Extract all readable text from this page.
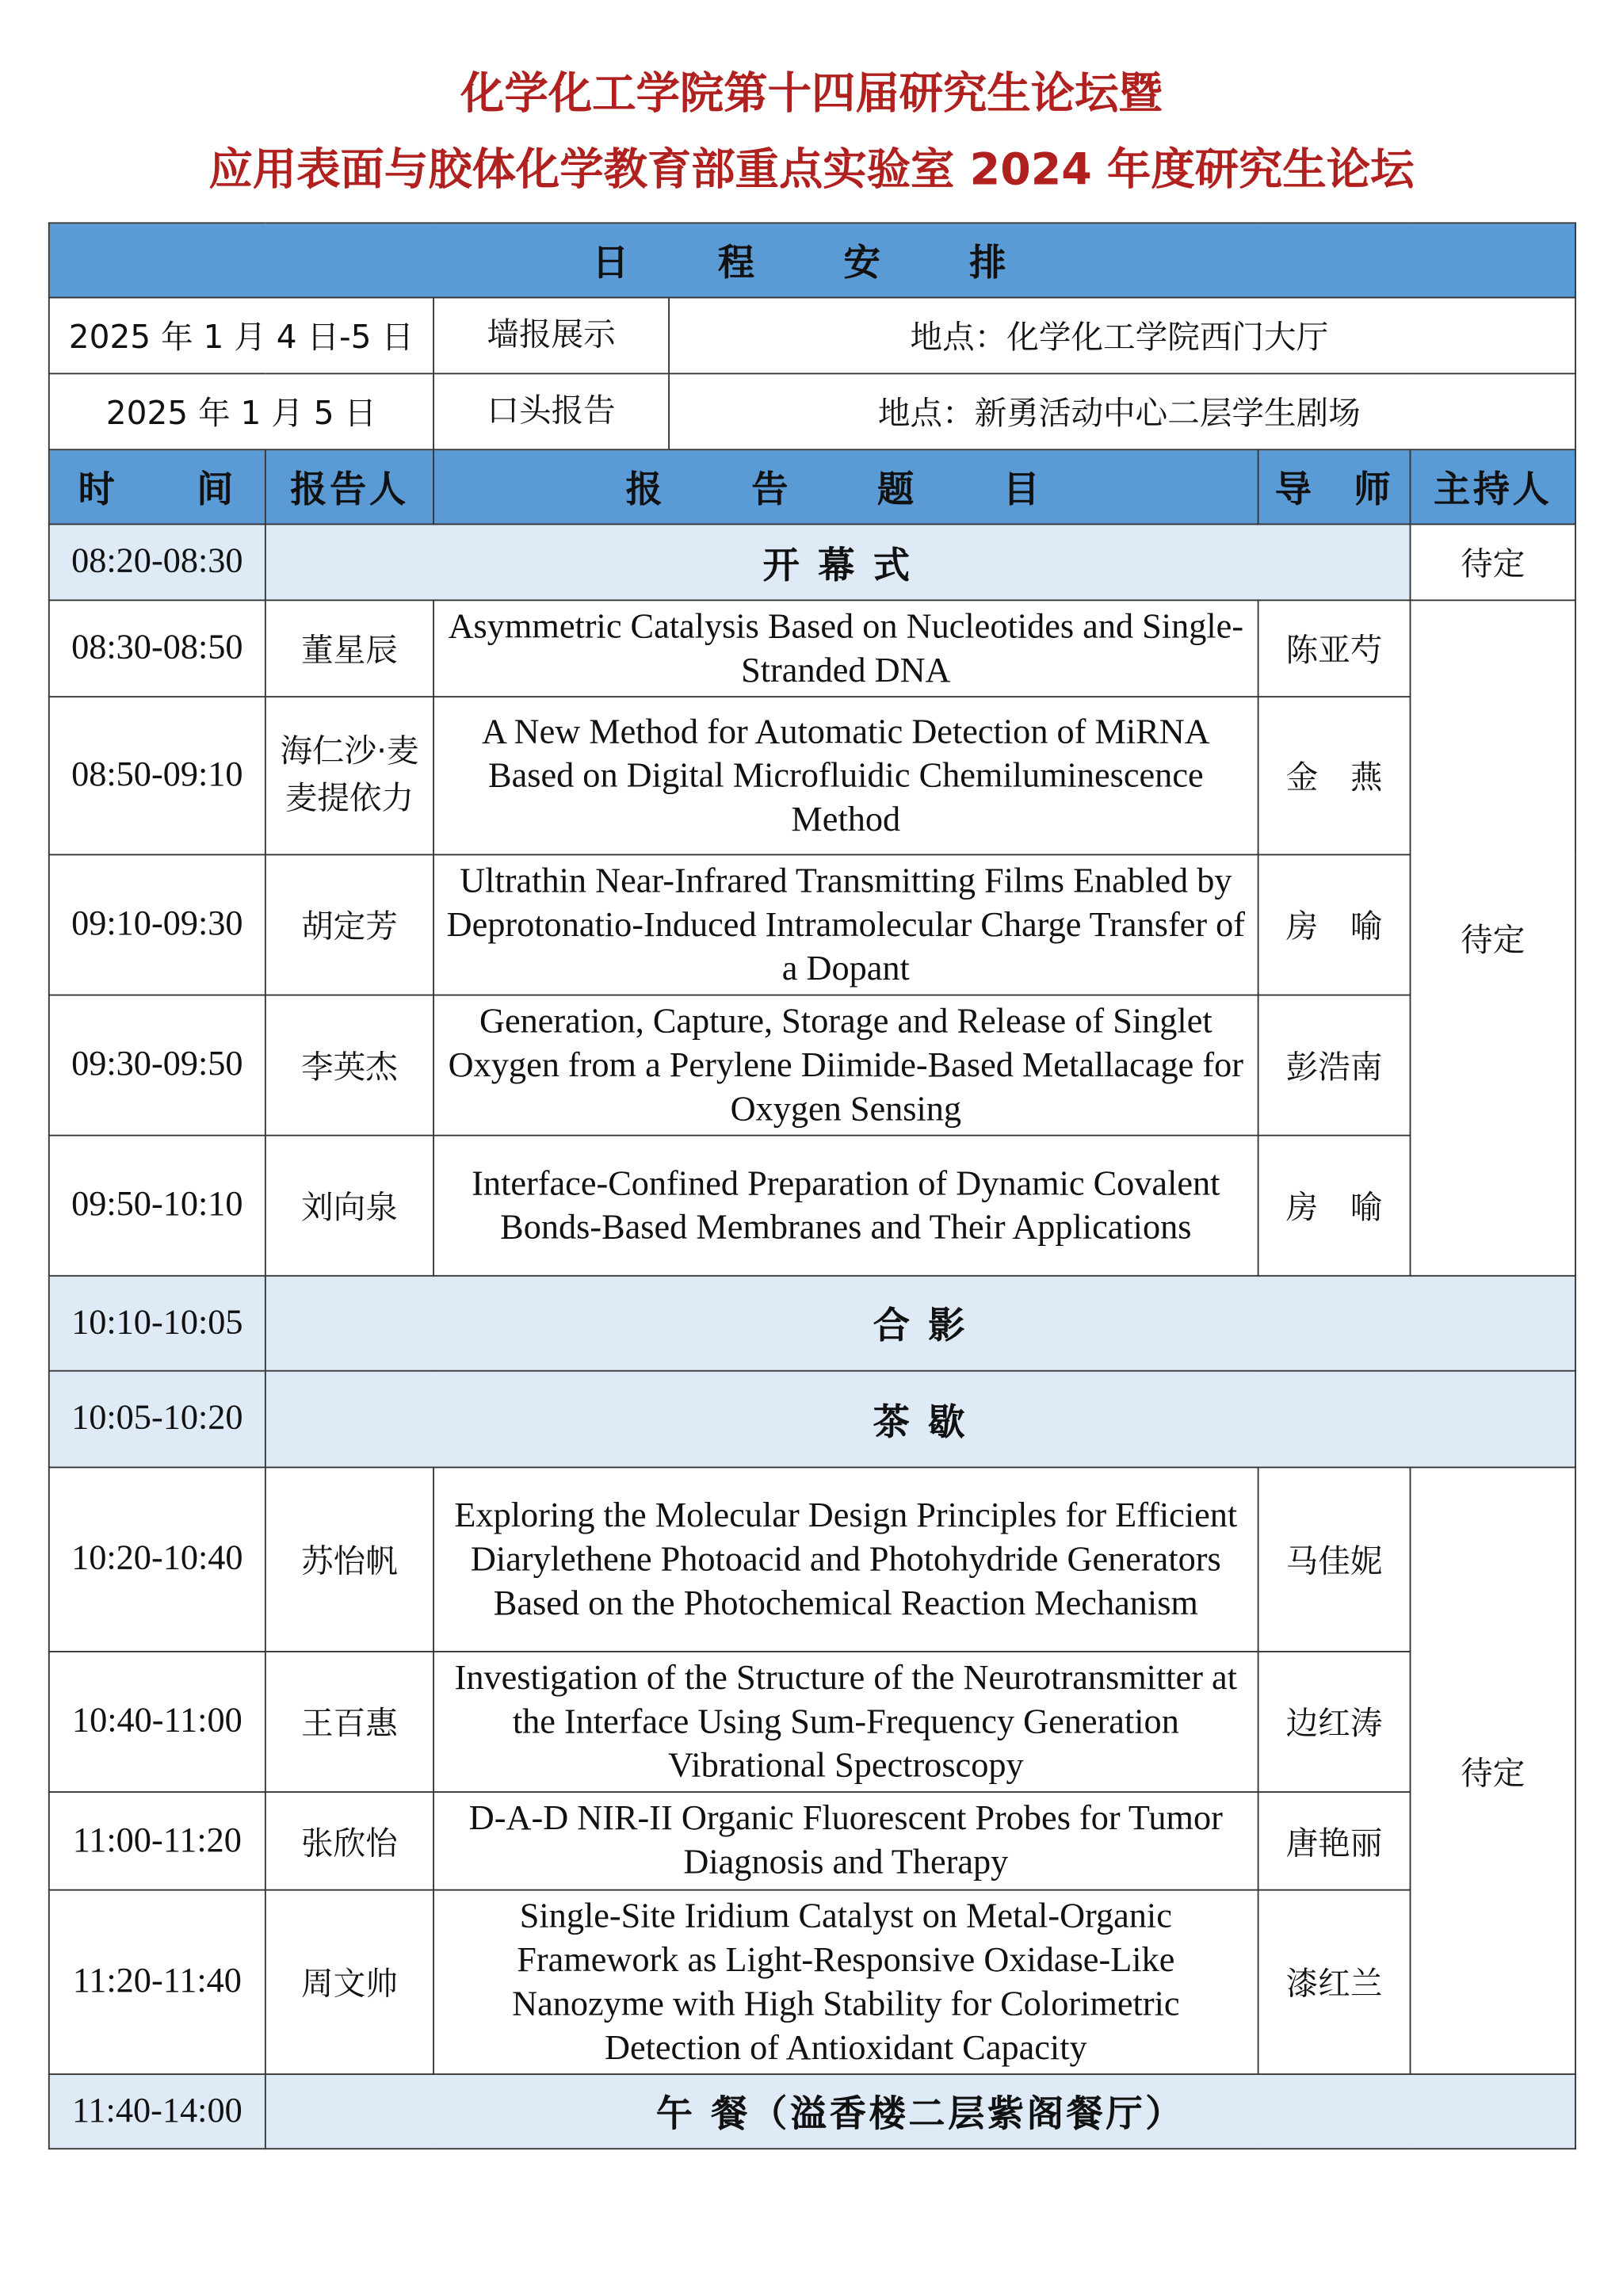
化学化工学院第十四届研究生论坛暨
应用表面与胶体化学教育部重点实验室 2024 年度研究生论坛
日　程　安　排				
2025 年 1 月 4 日-5 日		墙报展示 地点：化学化工学院西门大厅		

2025 年 1 月 5 日		口头报告 地点：新勇活动中心二层学生剧场		

时　　间	报告人	报　告　题　目	导　师	主持人
08:20-08:30	开 幕 式			待定
08:30-08:50	董星辰	Asymmetric Catalysis Based on Nucleotides and Single-Stranded DNA	陈亚芍	待定
08:50-09:10	海仁沙·麦麦提依力	A New Method for Automatic Detection of MiRNA Based on Digital Microfluidic Chemiluminescence Method	金　燕	
09:10-09:30	胡定芳	Ultrathin Near-Infrared Transmitting Films Enabled by Deprotonatio-Induced Intramolecular Charge Transfer of a Dopant	房　喻	
09:30-09:50	李英杰	Generation, Capture, Storage and Release of Singlet Oxygen from a Perylene Diimide-Based Metallacage for Oxygen Sensing	彭浩南	
09:50-10:10	刘向泉	Interface-Confined Preparation of Dynamic Covalent Bonds-Based Membranes and Their Applications	房　喻	
10:10-10:05	合 影			
10:05-10:20	茶 歇			
10:20-10:40	苏怡帆	Exploring the Molecular Design Principles for Efficient Diarylethene Photoacid and Photohydride Generators Based on the Photochemical Reaction Mechanism	马佳妮	待定
10:40-11:00	王百惠	Investigation of the Structure of the Neurotransmitter at the Interface Using Sum-Frequency Generation Vibrational Spectroscopy	边红涛	
11:00-11:20	张欣怡	D-A-D NIR-II Organic Fluorescent Probes for Tumor Diagnosis and Therapy	唐艳丽	
11:20-11:40	周文帅	Single-Site Iridium Catalyst on Metal-Organic Framework as Light-Responsive Oxidase-Like Nanozyme with High Stability for Colorimetric Detection of Antioxidant Capacity	漆红兰	
11:40-14:00	午 餐（溢香楼二层紫阁餐厅）			
